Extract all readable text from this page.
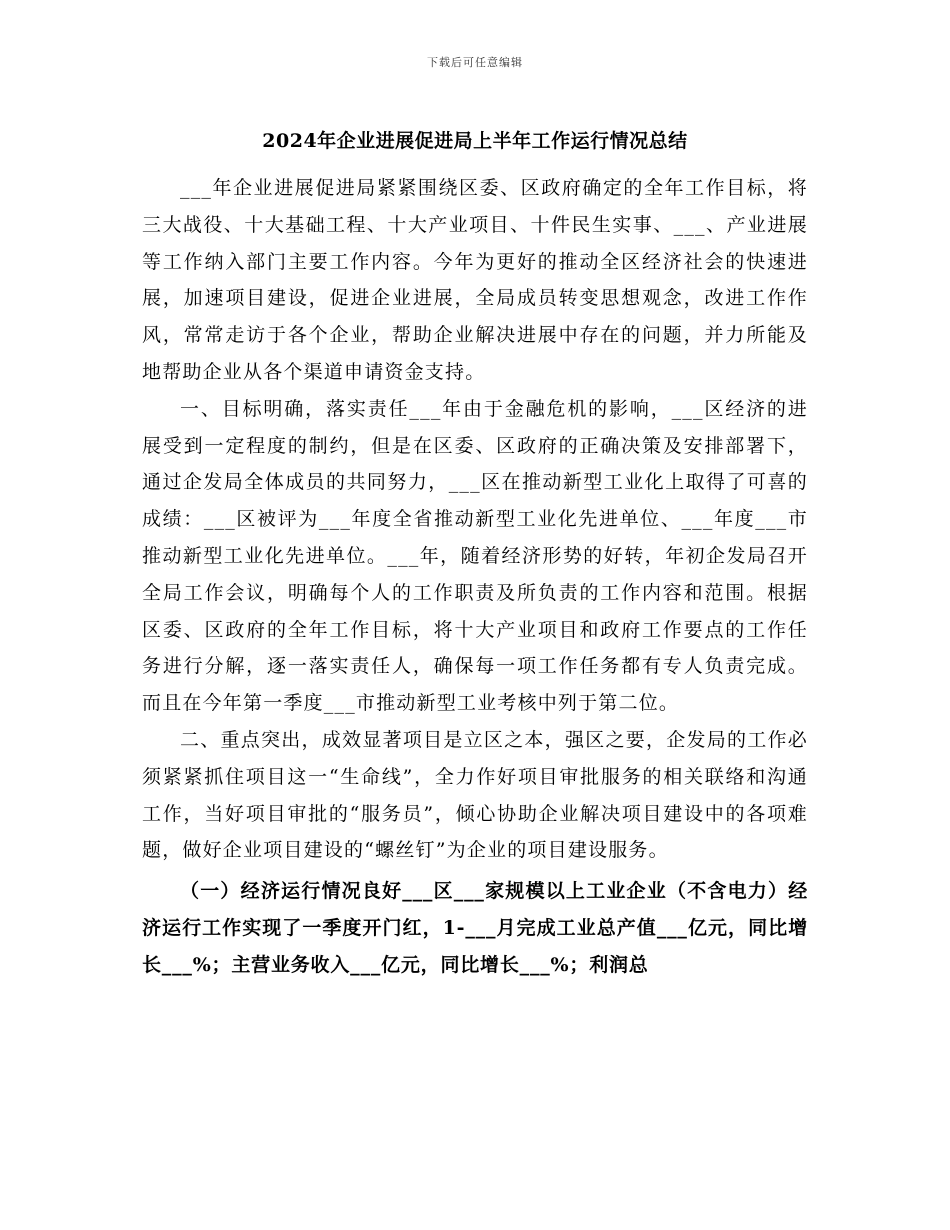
下载后可任意编辑
2024年企业进展促进局上半年工作运行情况总结

___年企业进展促进局紧紧围绕区委、区政府确定的全年工作目标，将三大战役、十大基础工程、十大产业项目、十件民生实事、___、产业进展等工作纳入部门主要工作内容。今年为更好的推动全区经济社会的快速进展，加速项目建设，促进企业进展，全局成员转变思想观念，改进工作作风，常常走访于各个企业，帮助企业解决进展中存在的问题，并力所能及地帮助企业从各个渠道申请资金支持。

一、目标明确，落实责任___年由于金融危机的影响，___区经济的进展受到一定程度的制约，但是在区委、区政府的正确决策及安排部署下，通过企发局全体成员的共同努力，___区在推动新型工业化上取得了可喜的成绩：___区被评为___年度全省推动新型工业化先进单位、___年度___市推动新型工业化先进单位。___年，随着经济形势的好转，年初企发局召开全局工作会议，明确每个人的工作职责及所负责的工作内容和范围。根据区委、区政府的全年工作目标，将十大产业项目和政府工作要点的工作任务进行分解，逐一落实责任人，确保每一项工作任务都有专人负责完成。而且在今年第一季度___市推动新型工业考核中列于第二位。

二、重点突出，成效显著项目是立区之本，强区之要，企发局的工作必须紧紧抓住项目这一“生命线”，全力作好项目审批服务的相关联络和沟通工作，当好项目审批的“服务员”，倾心协助企业解决项目建设中的各项难题，做好企业项目建设的“螺丝钉”为企业的项目建设服务。

（一）经济运行情况良好___区___家规模以上工业企业（不含电力）经济运行工作实现了一季度开门红，1-___月完成工业总产值___亿元，同比增长___%；主营业务收入___亿元，同比增长___%；利润总
